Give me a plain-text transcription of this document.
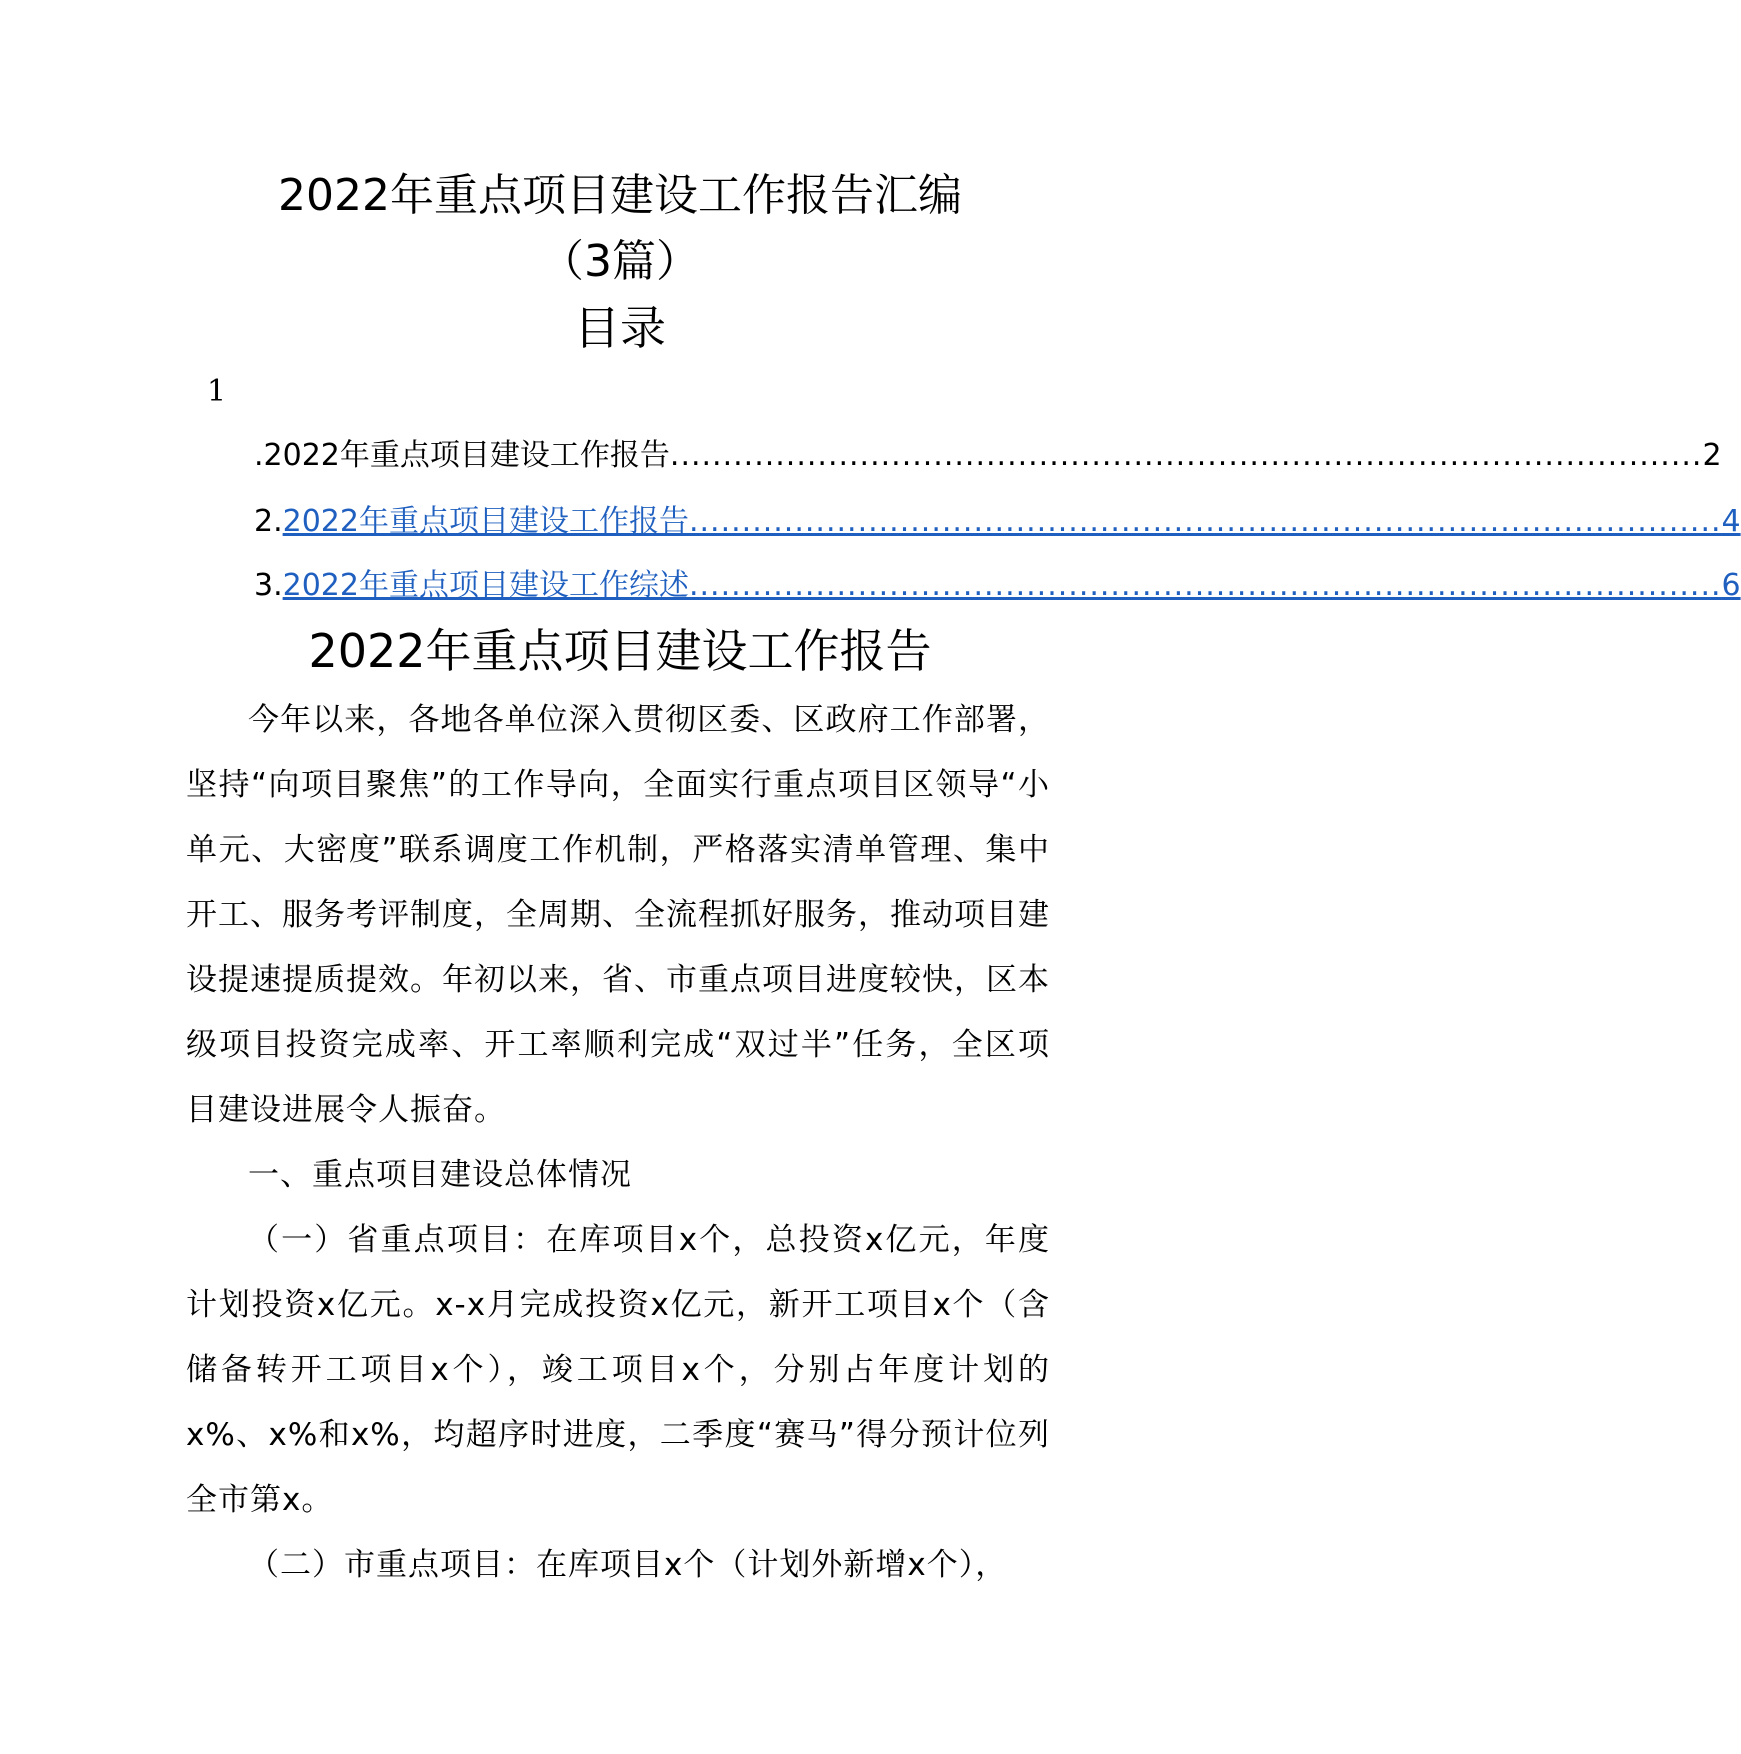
2022年重点项目建设工作报告汇编
（3篇）
目录
1
. 2022年重点项目建设工作报告 .................................................................................................. 2
2. 2022年重点项目建设工作报告 .................................................................................................. 4
3. 2022年重点项目建设工作综述 .................................................................................................. 6
2022年重点项目建设工作报告

今年以来，各地各单位深入贯彻区委、区政府工作部署，坚持“向项目聚焦”的工作导向，全面实行重点项目区领导“小单元、大密度”联系调度工作机制，严格落实清单管理、集中开工、服务考评制度，全周期、全流程抓好服务，推动项目建设提速提质提效。年初以来，省、市重点项目进度较快，区本级项目投资完成率、开工率顺利完成“双过半”任务，全区项目建设进展令人振奋。

一、重点项目建设总体情况

（一）省重点项目：在库项目x个，总投资x亿元，年度计划投资x亿元。x-x月完成投资x亿元，新开工项目x个（含储备转开工项目x个），竣工项目x个，分别占年度计划的x%、x%和x%，均超序时进度，二季度“赛马”得分预计位列全市第x。

（二）市重点项目：在库项目x个（计划外新增x个），
